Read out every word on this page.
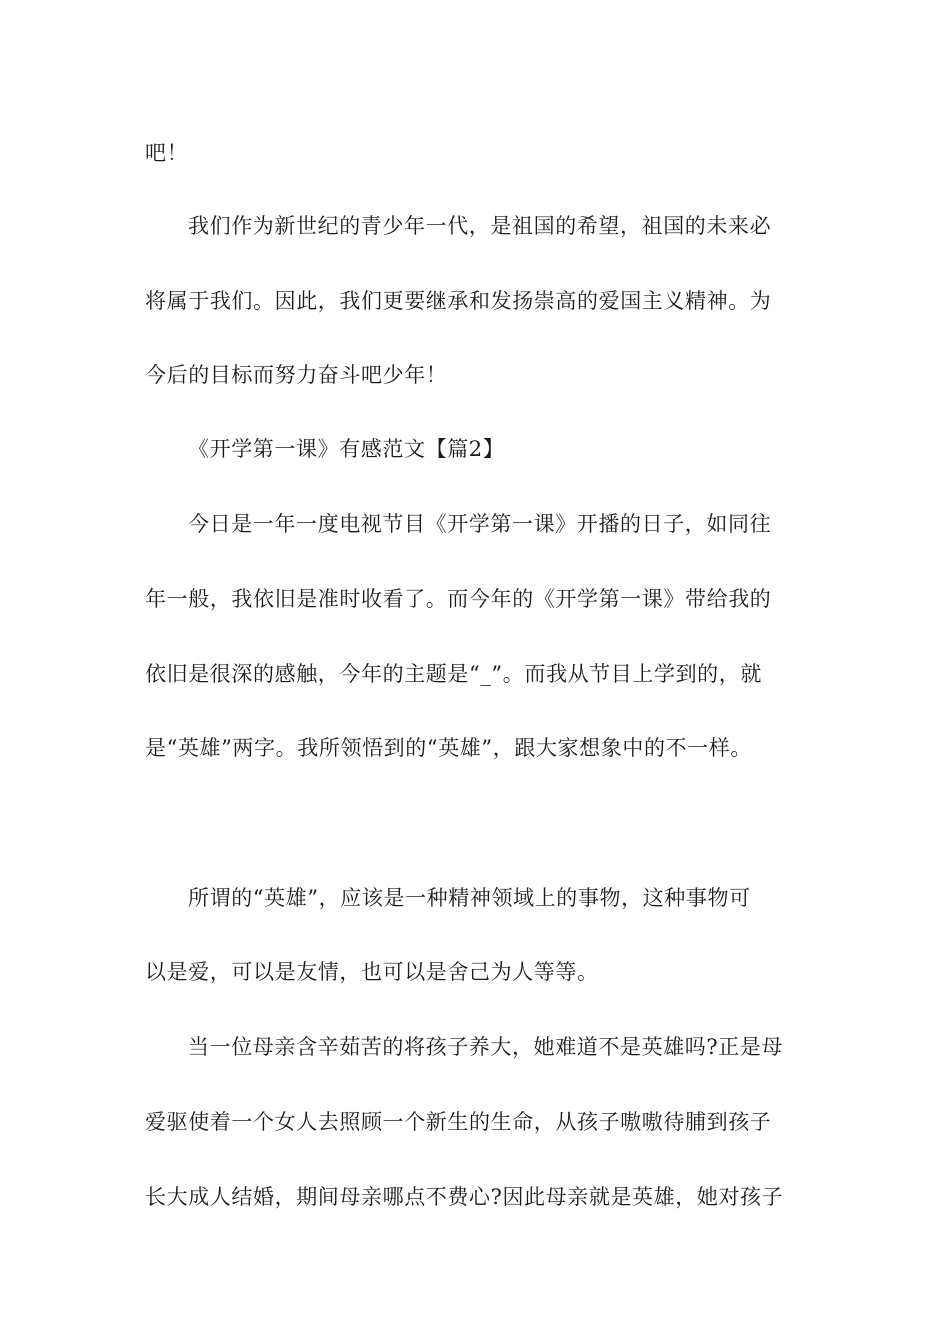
吧！
我们作为新世纪的青少年一代，是祖国的希望，祖国的未来必
将属于我们。因此，我们更要继承和发扬崇高的爱国主义精神。为
今后的目标而努力奋斗吧少年！
《开学第一课》有感范文【篇2】
今日是一年一度电视节目《开学第一课》开播的日子，如同往
年一般，我依旧是准时收看了。而今年的《开学第一课》带给我的
依旧是很深的感触，今年的主题是“_”。而我从节目上学到的，就
是“英雄”两字。我所领悟到的“英雄”，跟大家想象中的不一样。
所谓的“英雄”，应该是一种精神领域上的事物，这种事物可
以是爱，可以是友情，也可以是舍己为人等等。
当一位母亲含辛茹苦的将孩子养大，她难道不是英雄吗?正是母
爱驱使着一个女人去照顾一个新生的生命，从孩子嗷嗷待脯到孩子
长大成人结婚，期间母亲哪点不费心?因此母亲就是英雄，她对孩子
